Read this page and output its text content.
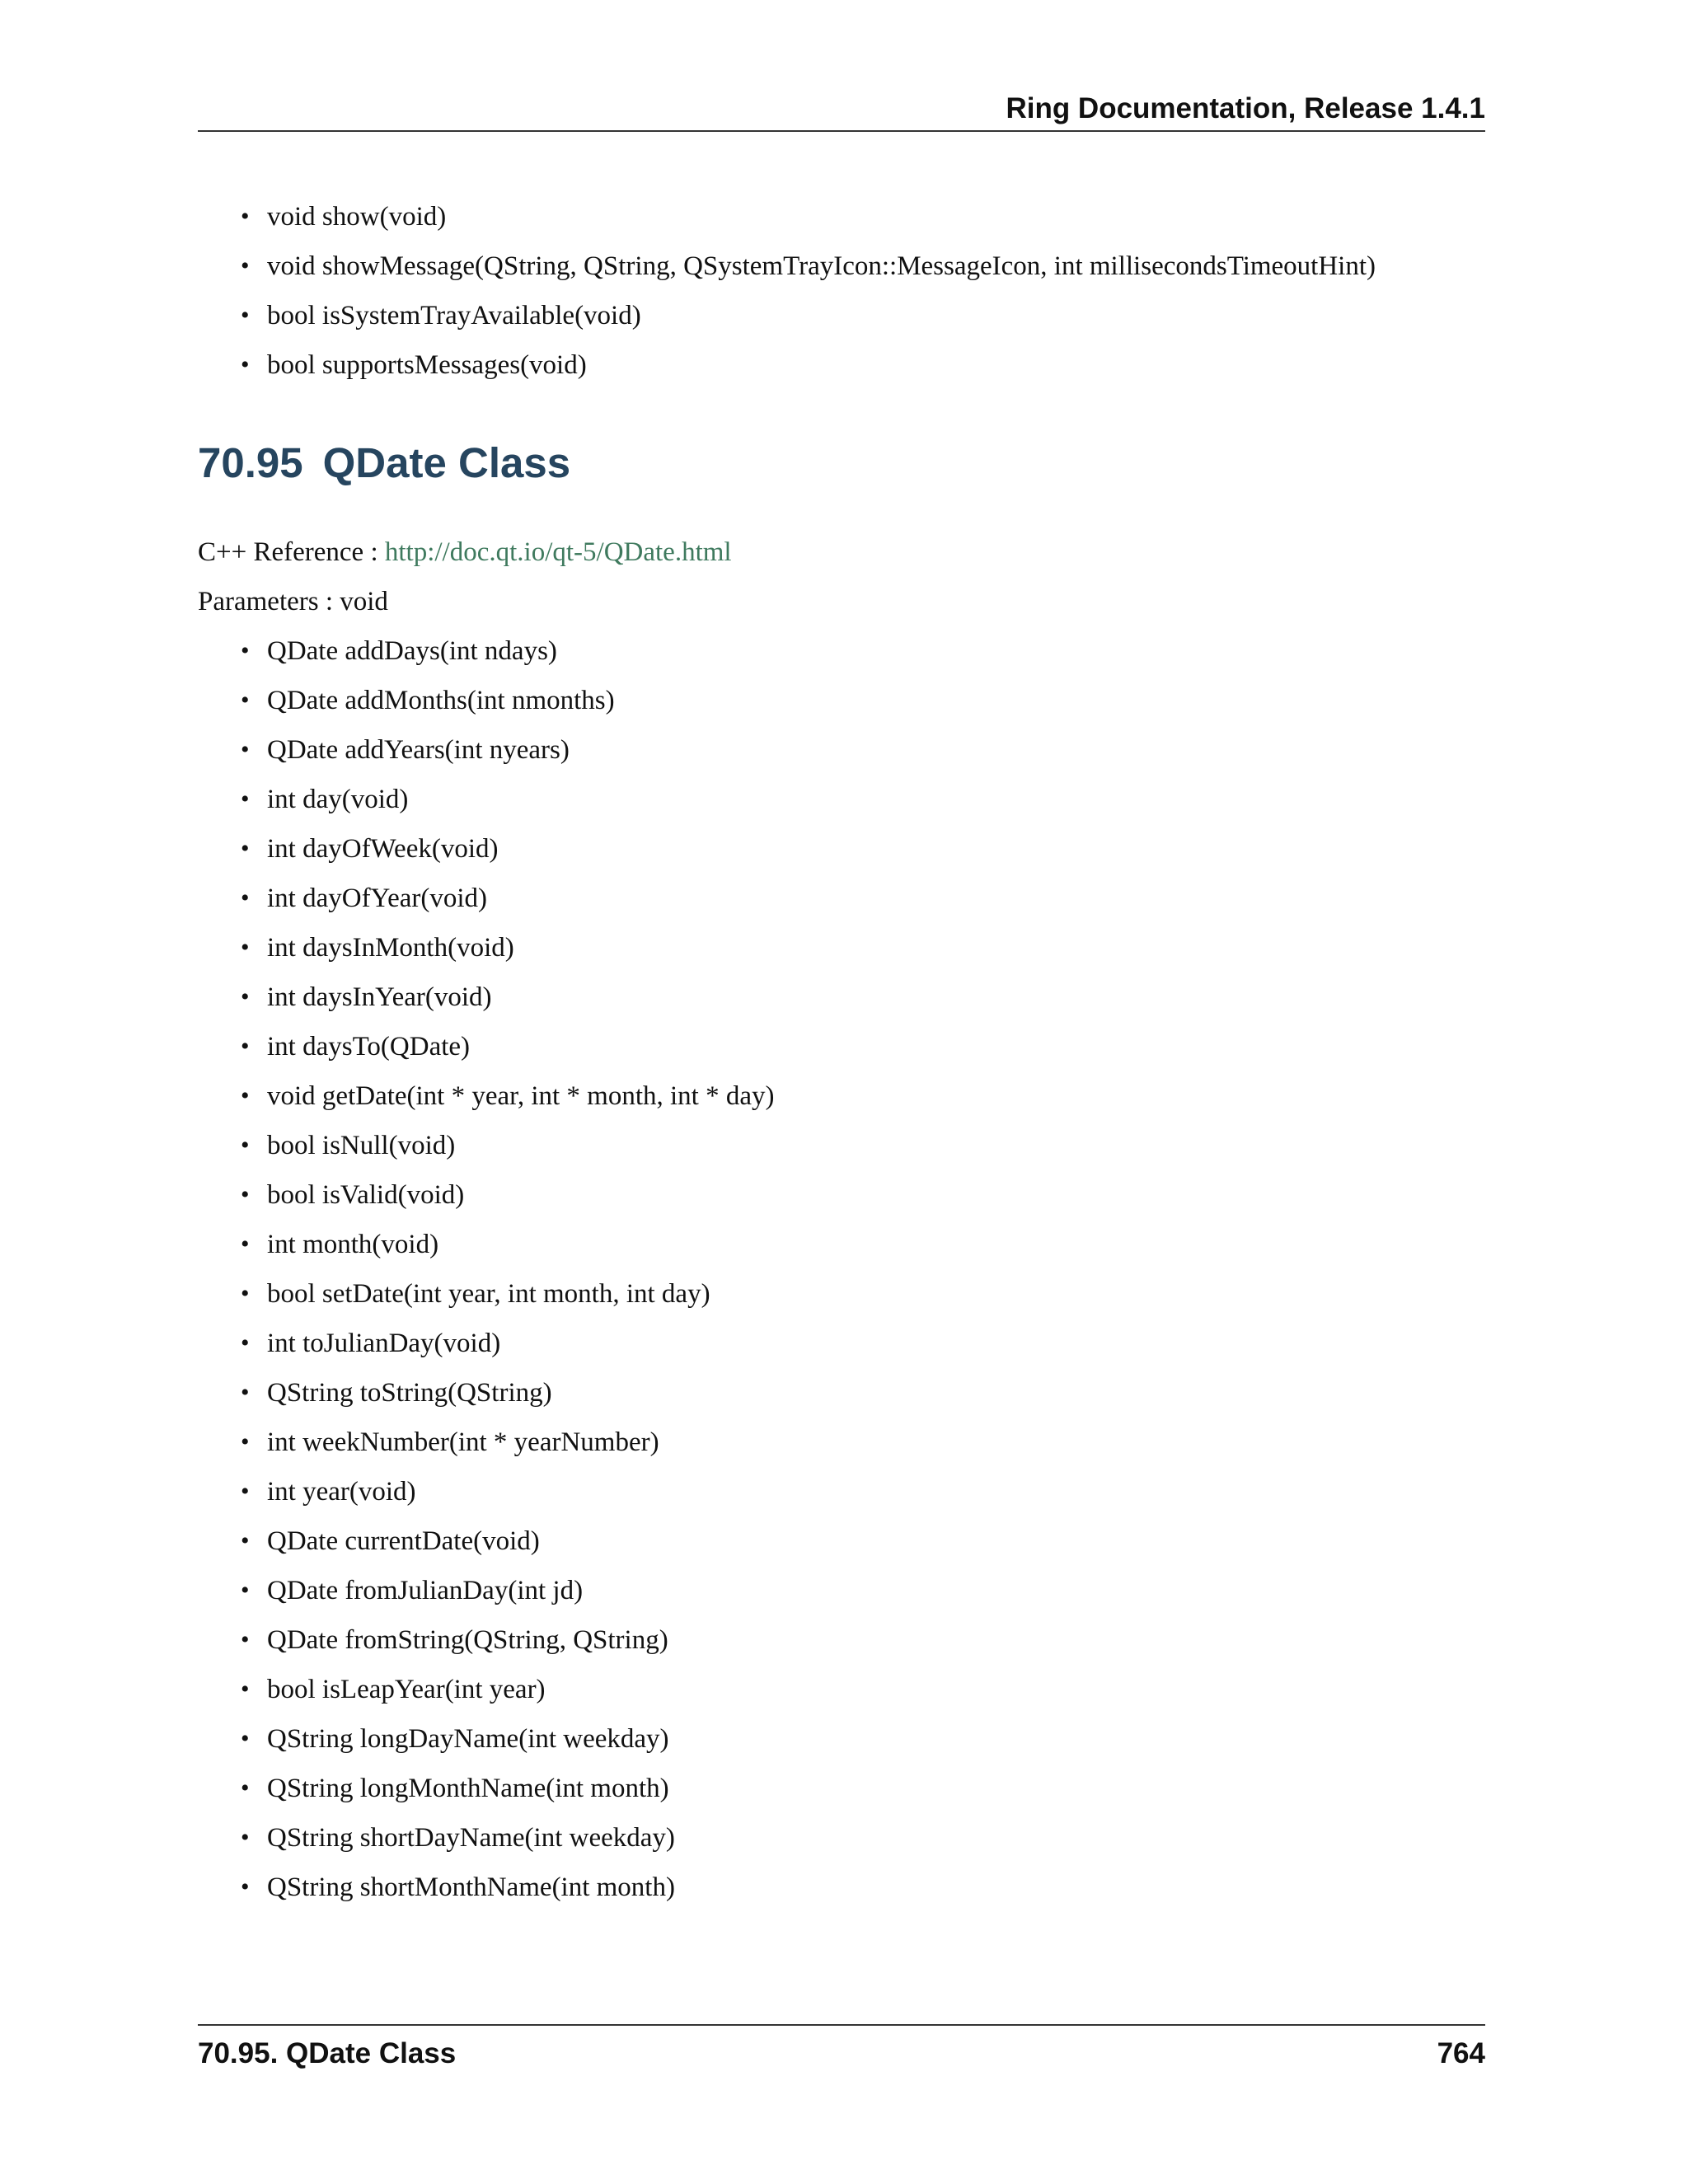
Ring Documentation, Release 1.4.1
• void show(void)
• void showMessage(QString, QString, QSystemTrayIcon::MessageIcon, int millisecondsTimeoutHint)
• bool isSystemTrayAvailable(void)
• bool supportsMessages(void)
70.95 QDate Class

C++ Reference : http://doc.qt.io/qt-5/QDate.html

Parameters : void

• QDate addDays(int ndays)
• QDate addMonths(int nmonths)
• QDate addYears(int nyears)
• int day(void)
• int dayOfWeek(void)
• int dayOfYear(void)
• int daysInMonth(void)
• int daysInYear(void)
• int daysTo(QDate)
• void getDate(int * year, int * month, int * day)
• bool isNull(void)
• bool isValid(void)
• int month(void)
• bool setDate(int year, int month, int day)
• int toJulianDay(void)
• QString toString(QString)
• int weekNumber(int * yearNumber)
• int year(void)
• QDate currentDate(void)
• QDate fromJulianDay(int jd)
• QDate fromString(QString, QString)
• bool isLeapYear(int year)
• QString longDayName(int weekday)
• QString longMonthName(int month)
• QString shortDayName(int weekday)
• QString shortMonthName(int month)
70.95. QDate Class	764
